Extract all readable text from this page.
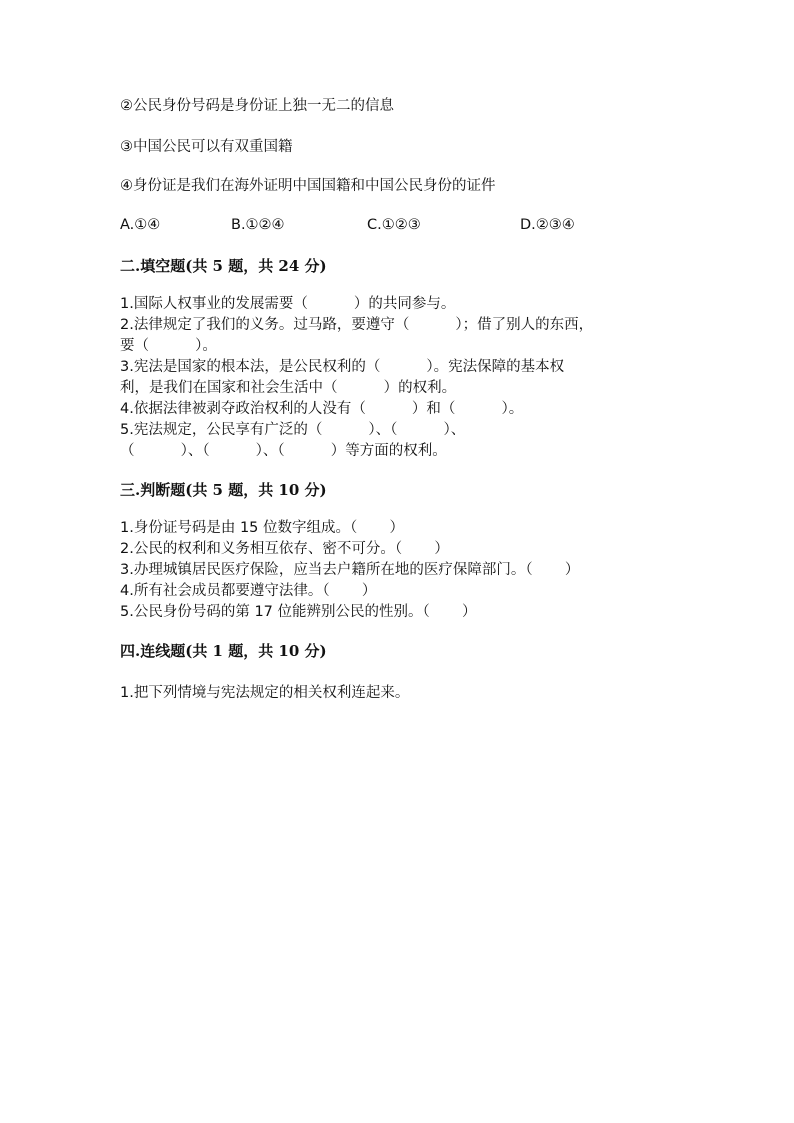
②公民身份号码是身份证上独一无二的信息
③中国公民可以有双重国籍
④身份证是我们在海外证明中国国籍和中国公民身份的证件
A.①④	B.①②④	C.①②③	D.②③④
二.填空题(共 5 题，共 24 分)
1.国际人权事业的发展需要（          ）的共同参与。
2.法律规定了我们的义务。过马路，要遵守（          ）；借了别人的东西，
要（          ）。
3.宪法是国家的根本法，是公民权利的（          ）。宪法保障的基本权
利，是我们在国家和社会生活中（          ）的权利。
4.依据法律被剥夺政治权利的人没有（          ）和（          ）。
5.宪法规定，公民享有广泛的（          ）、（          ）、
（          ）、（          ）、（          ）等方面的权利。
三.判断题(共 5 题，共 10 分)
1.身份证号码是由 15 位数字组成。（       ）
2.公民的权利和义务相互依存、密不可分。（       ）
3.办理城镇居民医疗保险，应当去户籍所在地的医疗保障部门。（       ）
4.所有社会成员都要遵守法律。（       ）
5.公民身份号码的第 17 位能辨别公民的性别。（       ）
四.连线题(共 1 题，共 10 分)
1.把下列情境与宪法规定的相关权利连起来。
